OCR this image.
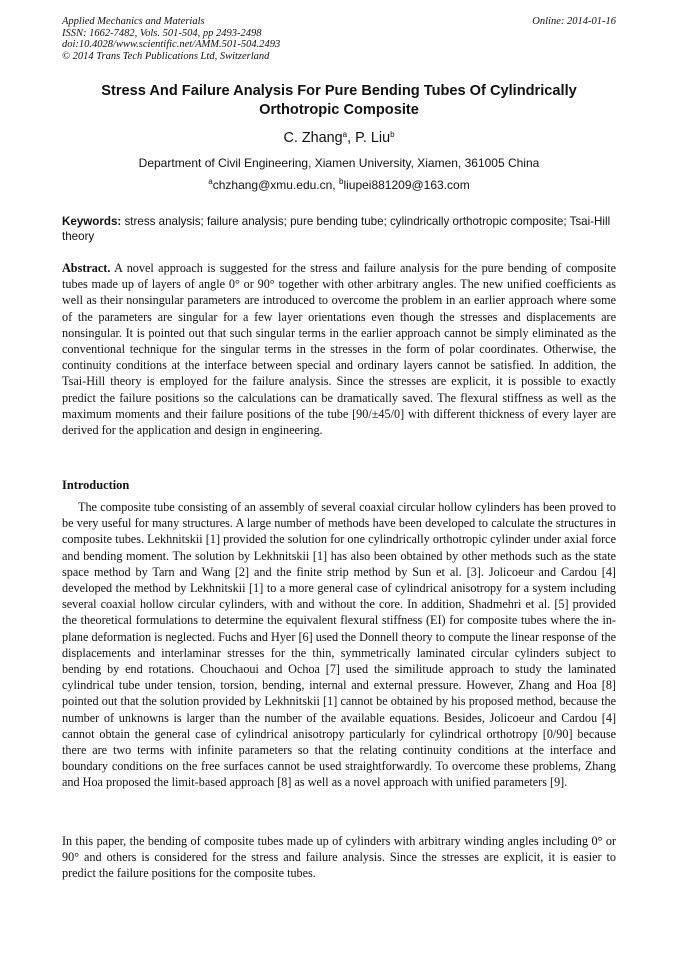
Applied Mechanics and Materials
ISSN: 1662-7482, Vols. 501-504, pp 2493-2498
doi:10.4028/www.scientific.net/AMM.501-504.2493
© 2014 Trans Tech Publications Ltd, Switzerland
Online: 2014-01-16
Stress And Failure Analysis For Pure Bending Tubes Of Cylindrically Orthotropic Composite
C. Zhang$^a$, P. Liu$^b$
Department of Civil Engineering, Xiamen University, Xiamen, 361005 China
$^a$chzhang@xmu.edu.cn, $^b$liupei881209@163.com
Keywords: stress analysis; failure analysis; pure bending tube; cylindrically orthotropic composite; Tsai-Hill theory
Abstract. A novel approach is suggested for the stress and failure analysis for the pure bending of composite tubes made up of layers of angle 0° or 90° together with other arbitrary angles. The new unified coefficients as well as their nonsingular parameters are introduced to overcome the problem in an earlier approach where some of the parameters are singular for a few layer orientations even though the stresses and displacements are nonsingular. It is pointed out that such singular terms in the earlier approach cannot be simply eliminated as the conventional technique for the singular terms in the stresses in the form of polar coordinates. Otherwise, the continuity conditions at the interface between special and ordinary layers cannot be satisfied. In addition, the Tsai-Hill theory is employed for the failure analysis. Since the stresses are explicit, it is possible to exactly predict the failure positions so the calculations can be dramatically saved. The flexural stiffness as well as the maximum moments and their failure positions of the tube [90/±45/0] with different thickness of every layer are derived for the application and design in engineering.
Introduction
The composite tube consisting of an assembly of several coaxial circular hollow cylinders has been proved to be very useful for many structures. A large number of methods have been developed to calculate the structures in composite tubes. Lekhnitskii [1] provided the solution for one cylindrically orthotropic cylinder under axial force and bending moment. The solution by Lekhnitskii [1] has also been obtained by other methods such as the state space method by Tarn and Wang [2] and the finite strip method by Sun et al. [3]. Jolicoeur and Cardou [4] developed the method by Lekhnitskii [1] to a more general case of cylindrical anisotropy for a system including several coaxial hollow circular cylinders, with and without the core. In addition, Shadmehri et al. [5] provided the theoretical formulations to determine the equivalent flexural stiffness (EI) for composite tubes where the in-plane deformation is neglected. Fuchs and Hyer [6] used the Donnell theory to compute the linear response of the displacements and interlaminar stresses for the thin, symmetrically laminated circular cylinders subject to bending by end rotations. Chouchaoui and Ochoa [7] used the similitude approach to study the laminated cylindrical tube under tension, torsion, bending, internal and external pressure. However, Zhang and Hoa [8] pointed out that the solution provided by Lekhnitskii [1] cannot be obtained by his proposed method, because the number of unknowns is larger than the number of the available equations. Besides, Jolicoeur and Cardou [4] cannot obtain the general case of cylindrical anisotropy particularly for cylindrical orthotropy [0/90] because there are two terms with infinite parameters so that the relating continuity conditions at the interface and boundary conditions on the free surfaces cannot be used straightforwardly. To overcome these problems, Zhang and Hoa proposed the limit-based approach [8] as well as a novel approach with unified parameters [9].
In this paper, the bending of composite tubes made up of cylinders with arbitrary winding angles including 0° or 90° and others is considered for the stress and failure analysis. Since the stresses are explicit, it is easier to predict the failure positions for the composite tubes.
